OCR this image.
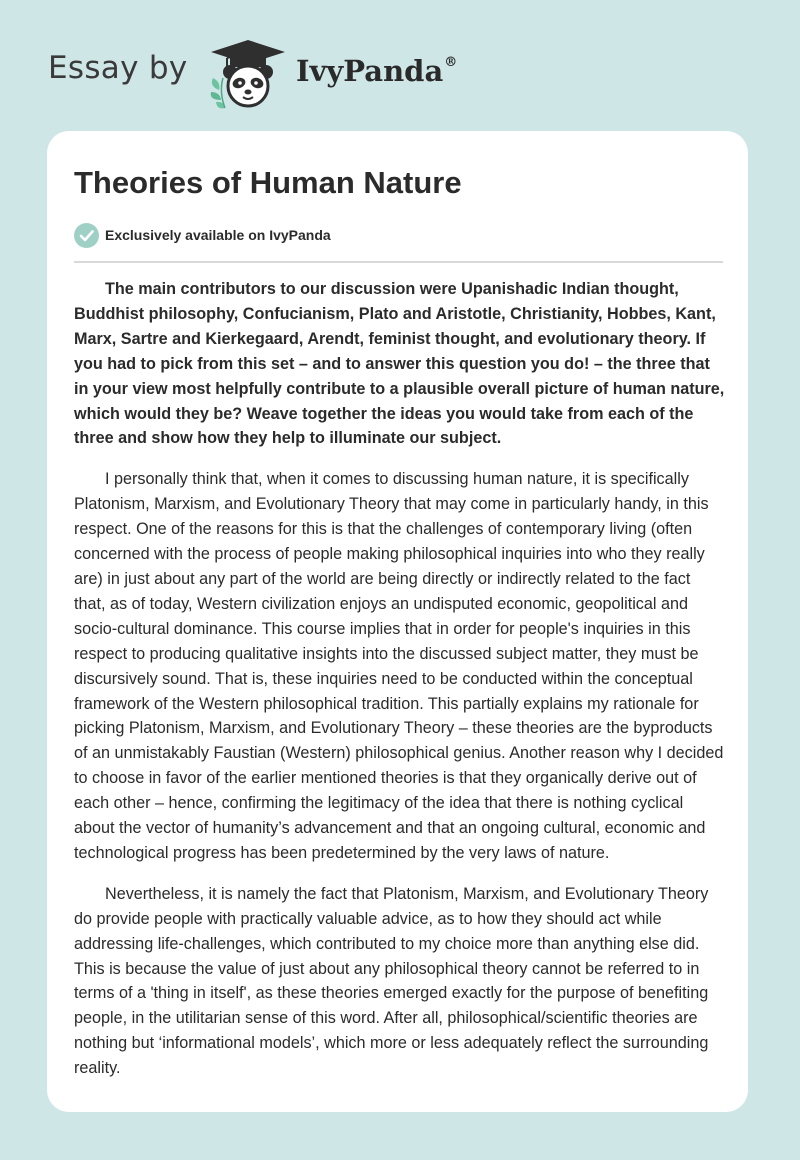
Essay by	IvyPanda®
Theories of Human Nature
Exclusively available on IvyPanda

The main contributors to our discussion were Upanishadic Indian thought, Buddhist philosophy, Confucianism, Plato and Aristotle, Christianity, Hobbes, Kant, Marx, Sartre and Kierkegaard, Arendt, feminist thought, and evolutionary theory. If you had to pick from this set – and to answer this question you do! – the three that in your view most helpfully contribute to a plausible overall picture of human nature, which would they be? Weave together the ideas you would take from each of the three and show how they help to illuminate our subject.

I personally think that, when it comes to discussing human nature, it is specifically Platonism, Marxism, and Evolutionary Theory that may come in particularly handy, in this respect. One of the reasons for this is that the challenges of contemporary living (often concerned with the process of people making philosophical inquiries into who they really are) in just about any part of the world are being directly or indirectly related to the fact that, as of today, Western civilization enjoys an undisputed economic, geopolitical and socio-cultural dominance. This course implies that in order for people's inquiries in this respect to producing qualitative insights into the discussed subject matter, they must be discursively sound. That is, these inquiries need to be conducted within the conceptual framework of the Western philosophical tradition. This partially explains my rationale for picking Platonism, Marxism, and Evolutionary Theory – these theories are the byproducts of an unmistakably Faustian (Western) philosophical genius. Another reason why I decided to choose in favor of the earlier mentioned theories is that they organically derive out of each other – hence, confirming the legitimacy of the idea that there is nothing cyclical about the vector of humanity’s advancement and that an ongoing cultural, economic and technological progress has been predetermined by the very laws of nature.

Nevertheless, it is namely the fact that Platonism, Marxism, and Evolutionary Theory do provide people with practically valuable advice, as to how they should act while addressing life-challenges, which contributed to my choice more than anything else did. This is because the value of just about any philosophical theory cannot be referred to in terms of a 'thing in itself', as these theories emerged exactly for the purpose of benefiting people, in the utilitarian sense of this word. After all, philosophical/scientific theories are nothing but ‘informational models’, which more or less adequately reflect the surrounding reality.
